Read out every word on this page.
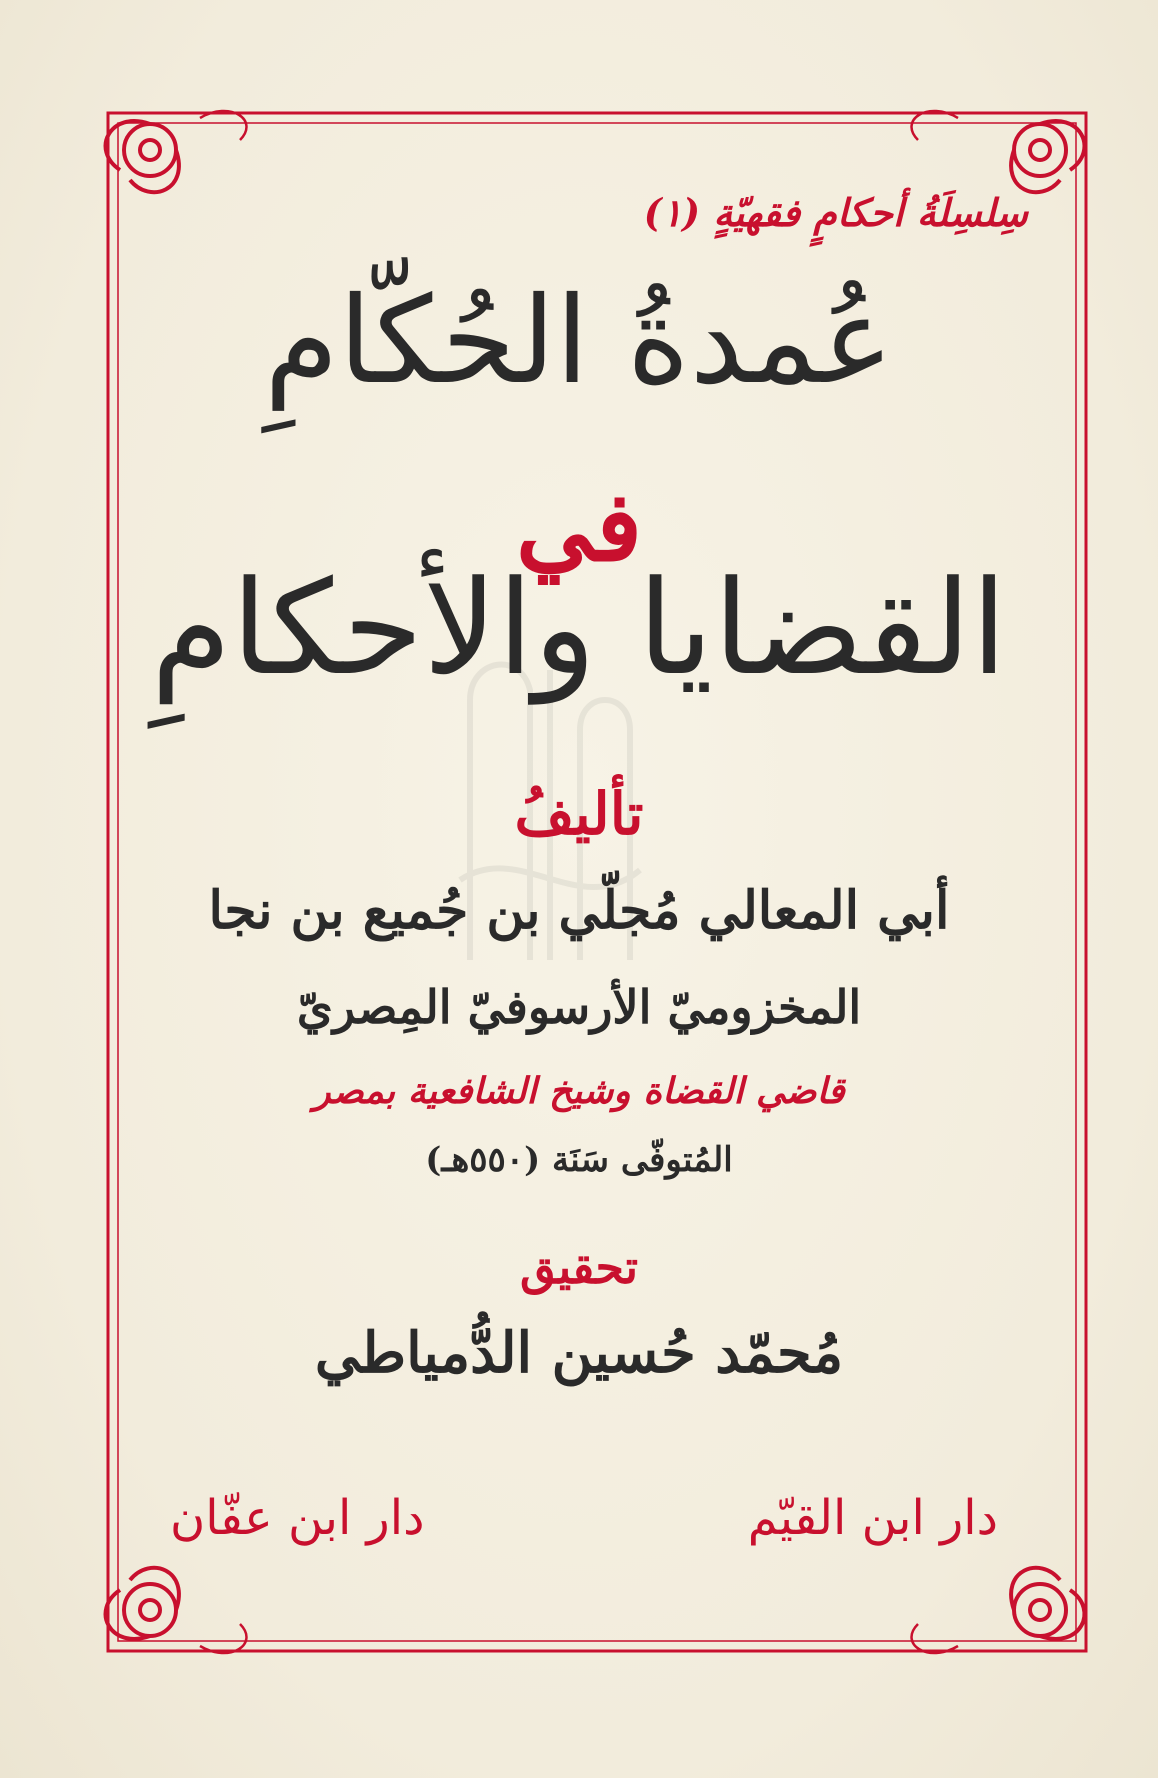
سِلسِلَةُ أحكامٍ فقهيّةٍ (١)
عُمدةُ الحُكّامِ
في
القضايا والأحكامِ
تأليفُ
أبي المعالي مُجلّي بن جُميع بن نجا
المخزوميّ الأرسوفيّ المِصريّ
قاضي القضاة وشيخ الشافعية بمصر
المُتوفّى سَنَة (٥٥٠هـ)
تحقيق
مُحمّد حُسين الدُّمياطي
دار ابن القيّم
دار ابن عفّان
